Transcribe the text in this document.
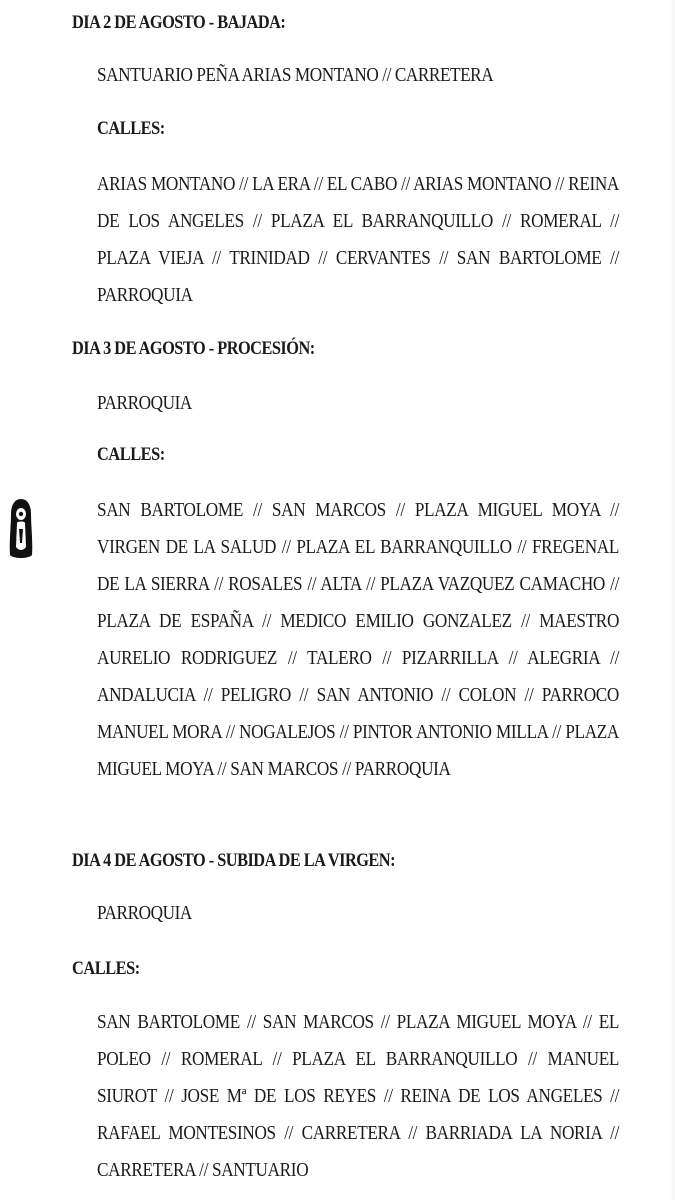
DIA 2 DE AGOSTO - BAJADA:
SANTUARIO PEÑA ARIAS MONTANO // CARRETERA
CALLES:
ARIAS MONTANO // LA ERA // EL CABO // ARIAS MONTANO // REINA DE LOS ANGELES // PLAZA EL BARRANQUILLO // ROMERAL // PLAZA VIEJA // TRINIDAD // CERVANTES // SAN BARTOLOME // PARROQUIA
DIA 3 DE AGOSTO - PROCESIÓN:
PARROQUIA
CALLES:
SAN BARTOLOME // SAN MARCOS // PLAZA MIGUEL MOYA // VIRGEN DE LA SALUD // PLAZA EL BARRANQUILLO // FREGENAL DE LA SIERRA // ROSALES // ALTA // PLAZA VAZQUEZ CAMACHO // PLAZA DE ESPAÑA // MEDICO EMILIO GONZALEZ // MAESTRO AURELIO RODRIGUEZ // TALERO // PIZARRILLA // ALEGRIA // ANDALUCIA // PELIGRO // SAN ANTONIO // COLON // PARROCO MANUEL MORA // NOGALEJOS // PINTOR ANTONIO MILLA // PLAZA MIGUEL MOYA // SAN MARCOS // PARROQUIA
DIA 4 DE AGOSTO - SUBIDA DE LA VIRGEN:
PARROQUIA
CALLES:
SAN BARTOLOME // SAN MARCOS // PLAZA MIGUEL MOYA // EL POLEO // ROMERAL // PLAZA EL BARRANQUILLO // MANUEL SIUROT // JOSE Mª DE LOS REYES // REINA DE LOS ANGELES // RAFAEL MONTESINOS // CARRETERA // BARRIADA LA NORIA // CARRETERA // SANTUARIO
